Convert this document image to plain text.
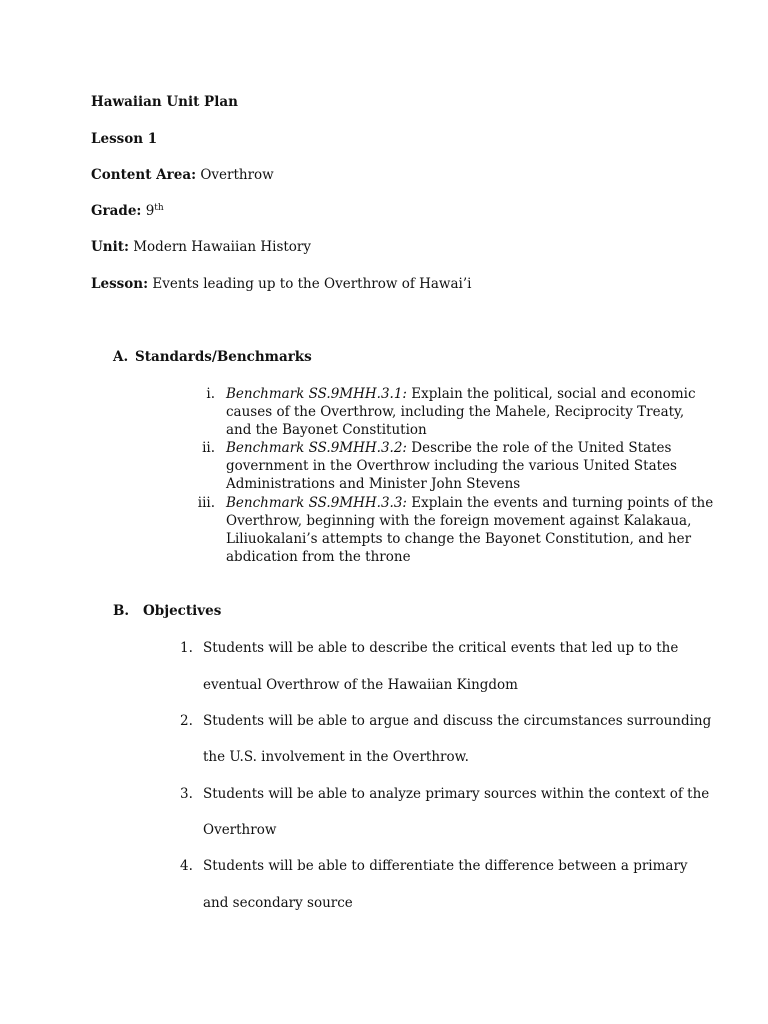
Hawaiian Unit Plan
Lesson 1
Content Area: Overthrow
Grade: 9th
Unit: Modern Hawaiian History
Lesson: Events leading up to the Overthrow of Hawai’i
A. Standards/Benchmarks
i. Benchmark SS.9MHH.3.1: Explain the political, social and economic
causes of the Overthrow, including the Mahele, Reciprocity Treaty,
and the Bayonet Constitution
ii. Benchmark SS.9MHH.3.2: Describe the role of the United States
government in the Overthrow including the various United States
Administrations and Minister John Stevens
iii. Benchmark SS.9MHH.3.3: Explain the events and turning points of the
Overthrow, beginning with the foreign movement against Kalakaua,
Liliuokalani’s attempts to change the Bayonet Constitution, and her
abdication from the throne
B. Objectives
1. Students will be able to describe the critical events that led up to the
eventual Overthrow of the Hawaiian Kingdom
2. Students will be able to argue and discuss the circumstances surrounding
the U.S. involvement in the Overthrow.
3. Students will be able to analyze primary sources within the context of the
Overthrow
4. Students will be able to differentiate the difference between a primary
and secondary source
